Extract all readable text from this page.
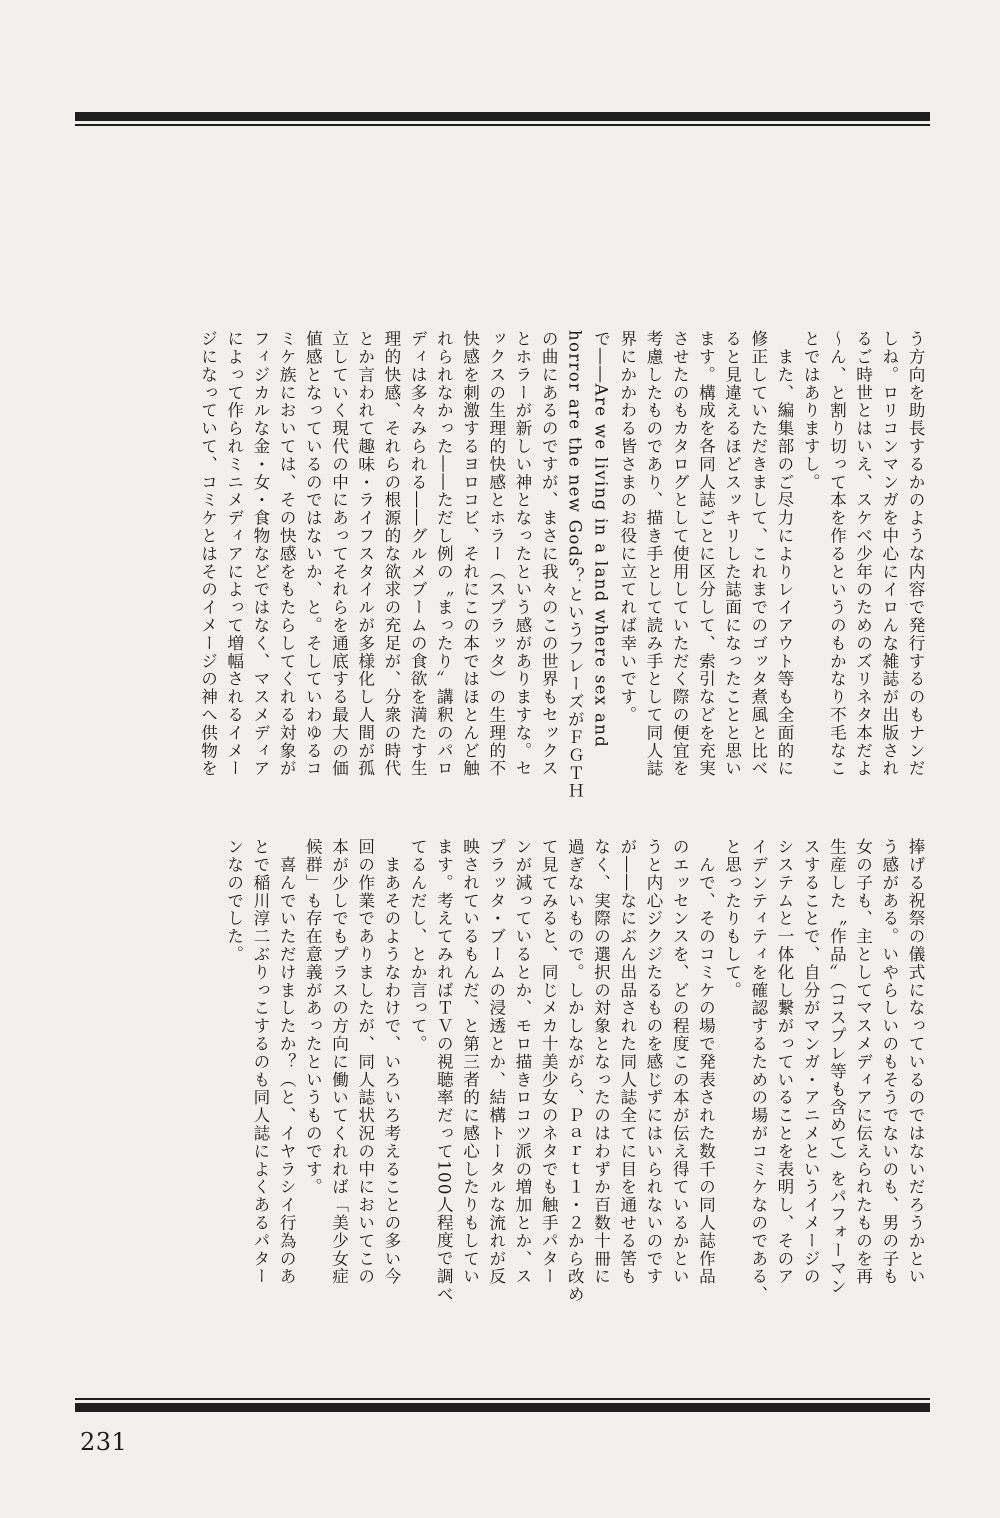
う方向を助長するかのような内容で発行するのもナンだ
しね。ロリコンマンガを中心にイロんな雑誌が出版され
るご時世とはいえ、スケベ少年のためのズリネタ本だよ
〜ん、と割り切って本を作るというのもかなり不毛なこ
とではありますし。
　また、編集部のご尽力によりレイアウト等も全面的に
修正していただきまして、これまでのゴッタ煮風と比べ
ると見違えるほどスッキリした誌面になったことと思い
ます。構成を各同人誌ごとに区分して、索引などを充実
させたのもカタログとして使用していただく際の便宜を
考慮したものであり、描き手として読み手として同人誌
界にかかわる皆さまのお役に立てれば幸いです。
で――Are we living in a land where sex and
horror are the new Gods？というフレーズがＦＧＴＨ
の曲にあるのですが、まさに我々のこの世界もセックス
とホラーが新しい神となったという感がありますな。セ
ックスの生理的快感とホラー（スプラッタ）の生理的不
快感を刺激するヨロコビ、それにこの本ではほとんど触
れられなかった――ただし例の〝まったり〟講釈のパロ
ディは多々みられる――グルメブームの食欲を満たす生
理的快感、それらの根源的な欲求の充足が、分衆の時代
とか言われて趣味・ライフスタイルが多様化し人間が孤
立していく現代の中にあってそれらを通底する最大の価
値感となっているのではないか、と。そしていわゆるコ
ミケ族においては、その快感をもたらしてくれる対象が
フィジカルな金・女・食物などではなく、マスメディア
によって作られミニメディアによって増幅されるイメー
ジになっていて、コミケとはそのイメージの神へ供物を
捧げる祝祭の儀式になっているのではないだろうかとい
う感がある。いやらしいのもそうでないのも、男の子も
女の子も、主としてマスメディアに伝えられたものを再
生産した〝作品〟（コスプレ等も含めて）をパフォーマン
スすることで、自分がマンガ・アニメというイメージの
システムと一体化し繋がっていることを表明し、そのア
イデンティティを確認するための場がコミケなのである、
と思ったりもして。
　んで、そのコミケの場で発表された数千の同人誌作品
のエッセンスを、どの程度この本が伝え得ているかとい
うと内心ジクジたるものを感じずにはいられないのです
が――なにぶん出品された同人誌全てに目を通せる筈も
なく、実際の選択の対象となったのはわずか百数十冊に
過ぎないもので。しかしながら、Ｐａｒｔ１・２から改め
て見てみると、同じメカ十美少女のネタでも触手パター
ンが減っているとか、モロ描きロコツ派の増加とか、ス
プラッタ・ブームの浸透とか、結構トータルな流れが反
映されているもんだ、と第三者的に感心したりもしてい
ます。考えてみればＴＶの視聴率だって100人程度で調べ
てるんだし、とか言って。
　まあそのようなわけで、いろいろ考えることの多い今
回の作業でありましたが、同人誌状況の中においてこの
本が少しでもプラスの方向に働いてくれれば「美少女症
候群」も存在意義があったというものです。
　喜んでいただけましたか？（と、イヤラシイ行為のあ
とで稲川淳二ぶりっこするのも同人誌によくあるパター
ンなのでした。
231
